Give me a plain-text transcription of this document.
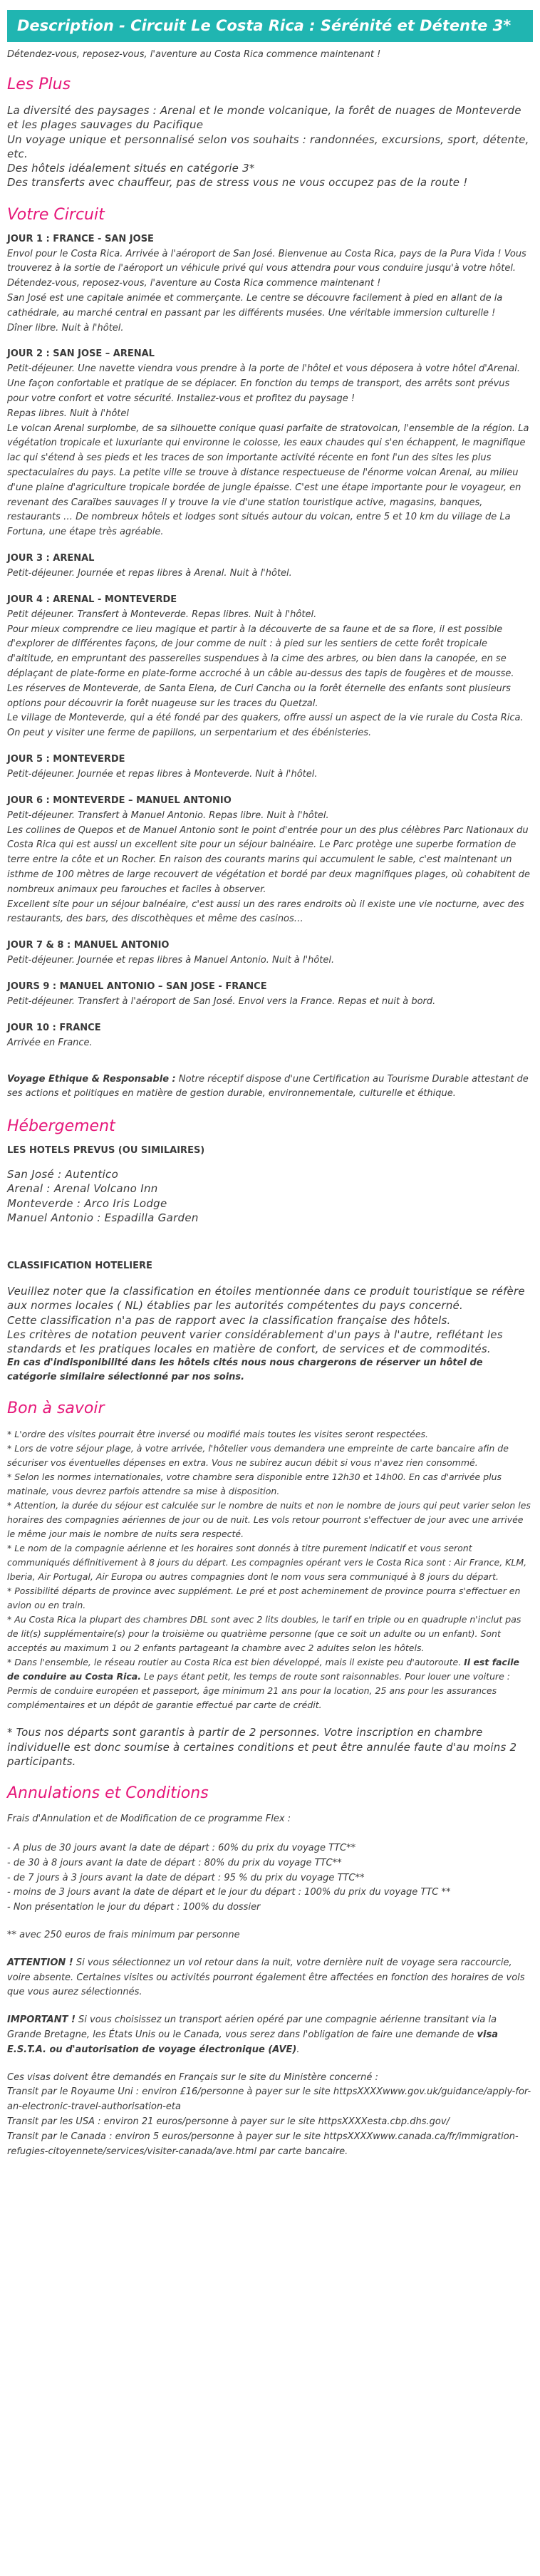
Description - Circuit Le Costa Rica : Sérénité et Détente 3*

Détendez-vous, reposez-vous, l'aventure au Costa Rica commence maintenant !

Les Plus

La diversité des paysages : Arenal et le monde volcanique, la forêt de nuages de Monteverde et les plages sauvages du Pacifique

Un voyage unique et personnalisé selon vos souhaits : randonnées, excursions, sport, détente, etc.

Des hôtels idéalement situés en catégorie 3*

Des transferts avec chauffeur, pas de stress vous ne vous occupez pas de la route !

Votre Circuit
JOUR 1 : FRANCE - SAN JOSE

Envol pour le Costa Rica. Arrivée à l'aéroport de San José. Bienvenue au Costa Rica, pays de la Pura Vida ! Vous trouverez à la sortie de l'aéroport un véhicule privé qui vous attendra pour vous conduire jusqu'à votre hôtel. Détendez-vous, reposez-vous, l'aventure au Costa Rica commence maintenant !

San José est une capitale animée et commerçante. Le centre se découvre facilement à pied en allant de la cathédrale, au marché central en passant par les différents musées. Une véritable immersion culturelle !

Dîner libre. Nuit à l'hôtel.

JOUR 2 : SAN JOSE – ARENAL

Petit-déjeuner. Une navette viendra vous prendre à la porte de l'hôtel et vous déposera à votre hôtel d'Arenal. Une façon confortable et pratique de se déplacer. En fonction du temps de transport, des arrêts sont prévus pour votre confort et votre sécurité. Installez-vous et profitez du paysage !

Repas libres. Nuit à l'hôtel

Le volcan Arenal surplombe, de sa silhouette conique quasi parfaite de stratovolcan, l'ensemble de la région. La végétation tropicale et luxuriante qui environne le colosse, les eaux chaudes qui s'en échappent, le magnifique lac qui s'étend à ses pieds et les traces de son importante activité récente en font l'un des sites les plus spectaculaires du pays. La petite ville se trouve à distance respectueuse de l'énorme volcan Arenal, au milieu d'une plaine d'agriculture tropicale bordée de jungle épaisse. C'est une étape importante pour le voyageur, en revenant des Caraïbes sauvages il y trouve la vie d'une station touristique active, magasins, banques, restaurants … De nombreux hôtels et lodges sont situés autour du volcan, entre 5 et 10 km du village de La Fortuna, une étape très agréable.

JOUR 3 : ARENAL

Petit-déjeuner. Journée et repas libres à Arenal. Nuit à l'hôtel.

JOUR 4 : ARENAL - MONTEVERDE

Petit déjeuner. Transfert à Monteverde. Repas libres. Nuit à l'hôtel.

Pour mieux comprendre ce lieu magique et partir à la découverte de sa faune et de sa flore, il est possible d'explorer de différentes façons, de jour comme de nuit : à pied sur les sentiers de cette forêt tropicale d'altitude, en empruntant des passerelles suspendues à la cime des arbres, ou bien dans la canopée, en se déplaçant de plate-forme en plate-forme accroché à un câble au-dessus des tapis de fougères et de mousse.

Les réserves de Monteverde, de Santa Elena, de Curi Cancha ou la forêt éternelle des enfants sont plusieurs options pour découvrir la forêt nuageuse sur les traces du Quetzal.

Le village de Monteverde, qui a été fondé par des quakers, offre aussi un aspect de la vie rurale du Costa Rica. On peut y visiter une ferme de papillons, un serpentarium et des ébénisteries.

JOUR 5 : MONTEVERDE

Petit-déjeuner. Journée et repas libres à Monteverde. Nuit à l'hôtel.

JOUR 6 : MONTEVERDE – MANUEL ANTONIO

Petit-déjeuner. Transfert à Manuel Antonio. Repas libre. Nuit à l'hôtel.

Les collines de Quepos et de Manuel Antonio sont le point d'entrée pour un des plus célèbres Parc Nationaux du Costa Rica qui est aussi un excellent site pour un séjour balnéaire. Le Parc protège une superbe formation de terre entre la côte et un Rocher. En raison des courants marins qui accumulent le sable, c'est maintenant un isthme de 100 mètres de large recouvert de végétation et bordé par deux magnifiques plages, où cohabitent de nombreux animaux peu farouches et faciles à observer.

Excellent site pour un séjour balnéaire, c'est aussi un des rares endroits où il existe une vie nocturne, avec des restaurants, des bars, des discothèques et même des casinos…

JOUR 7 & 8 : MANUEL ANTONIO

Petit-déjeuner. Journée et repas libres à Manuel Antonio. Nuit à l'hôtel.

JOURS 9 : MANUEL ANTONIO – SAN JOSE - FRANCE

Petit-déjeuner. Transfert à l'aéroport de San José. Envol vers la France. Repas et nuit à bord.

JOUR 10 : FRANCE

Arrivée en France.

Voyage Ethique & Responsable : Notre réceptif dispose d'une Certification au Tourisme Durable attestant de ses actions et politiques en matière de gestion durable, environnementale, culturelle et éthique.

Hébergement
LES HOTELS PREVUS (OU SIMILAIRES)

San José : Autentico

Arenal : Arenal Volcano Inn

Monteverde : Arco Iris Lodge

Manuel Antonio : Espadilla Garden

CLASSIFICATION HOTELIERE

Veuillez noter que la classification en étoiles mentionnée dans ce produit touristique se réfère aux normes locales ( NL) établies par les autorités compétentes du pays concerné.

Cette classification n'a pas de rapport avec la classification française des hôtels.

Les critères de notation peuvent varier considérablement d'un pays à l'autre, reflétant les standards et les pratiques locales en matière de confort, de services et de commodités.

En cas d'indisponibilité dans les hôtels cités nous nous chargerons de réserver un hôtel de catégorie similaire sélectionné par nos soins.

Bon à savoir

* L'ordre des visites pourrait être inversé ou modifié mais toutes les visites seront respectées.

* Lors de votre séjour plage, à votre arrivée, l'hôtelier vous demandera une empreinte de carte bancaire afin de sécuriser vos éventuelles dépenses en extra. Vous ne subirez aucun débit si vous n'avez rien consommé.

* Selon les normes internationales, votre chambre sera disponible entre 12h30 et 14h00. En cas d'arrivée plus matinale, vous devrez parfois attendre sa mise à disposition.

* Attention, la durée du séjour est calculée sur le nombre de nuits et non le nombre de jours qui peut varier selon les horaires des compagnies aériennes de jour ou de nuit. Les vols retour pourront s'effectuer de jour avec une arrivée le même jour mais le nombre de nuits sera respecté.

* Le nom de la compagnie aérienne et les horaires sont donnés à titre purement indicatif et vous seront communiqués définitivement à 8 jours du départ. Les compagnies opérant vers le Costa Rica sont : Air France, KLM, Iberia, Air Portugal, Air Europa ou autres compagnies dont le nom vous sera communiqué à 8 jours du départ.

* Possibilité départs de province avec supplément. Le pré et post acheminement de province pourra s'effectuer en avion ou en train.

* Au Costa Rica la plupart des chambres DBL sont avec 2 lits doubles, le tarif en triple ou en quadruple n'inclut pas de lit(s) supplémentaire(s) pour la troisième ou quatrième personne (que ce soit un adulte ou un enfant). Sont acceptés au maximum 1 ou 2 enfants partageant la chambre avec 2 adultes selon les hôtels.

* Dans l'ensemble, le réseau routier au Costa Rica est bien développé, mais il existe peu d'autoroute. Il est facile de conduire au Costa Rica. Le pays étant petit, les temps de route sont raisonnables. Pour louer une voiture : Permis de conduire européen et passeport, âge minimum 21 ans pour la location, 25 ans pour les assurances complémentaires et un dépôt de garantie effectué par carte de crédit.

* Tous nos départs sont garantis à partir de 2 personnes. Votre inscription en chambre individuelle est donc soumise à certaines conditions et peut être annulée faute d'au moins 2 participants.

Annulations et Conditions

Frais d'Annulation et de Modification de ce programme Flex :

- A plus de 30 jours avant la date de départ : 60% du prix du voyage TTC**

- de 30 à 8 jours avant la date de départ : 80% du prix du voyage TTC**

- de 7 jours à 3 jours avant la date de départ : 95 % du prix du voyage TTC**

- moins de 3 jours avant la date de départ et le jour du départ : 100% du prix du voyage TTC **

- Non présentation le jour du départ : 100% du dossier

** avec 250 euros de frais minimum par personne

ATTENTION ! Si vous sélectionnez un vol retour dans la nuit, votre dernière nuit de voyage sera raccourcie, voire absente. Certaines visites ou activités pourront également être affectées en fonction des horaires de vols que vous aurez sélectionnés.

IMPORTANT ! Si vous choisissez un transport aérien opéré par une compagnie aérienne transitant via la Grande Bretagne, les États Unis ou le Canada, vous serez dans l'obligation de faire une demande de visa E.S.T.A. ou d'autorisation de voyage électronique (AVE).

Ces visas doivent être demandés en Français sur le site du Ministère concerné :

Transit par le Royaume Uni : environ £16/personne à payer sur le site httpsXXXXwww.gov.uk/guidance/apply-for-an-electronic-travel-authorisation-eta

Transit par les USA : environ 21 euros/personne à payer sur le site httpsXXXXesta.cbp.dhs.gov/

Transit par le Canada : environ 5 euros/personne à payer sur le site httpsXXXXwww.canada.ca/fr/immigration-refugies-citoyennete/services/visiter-canada/ave.html par carte bancaire.
